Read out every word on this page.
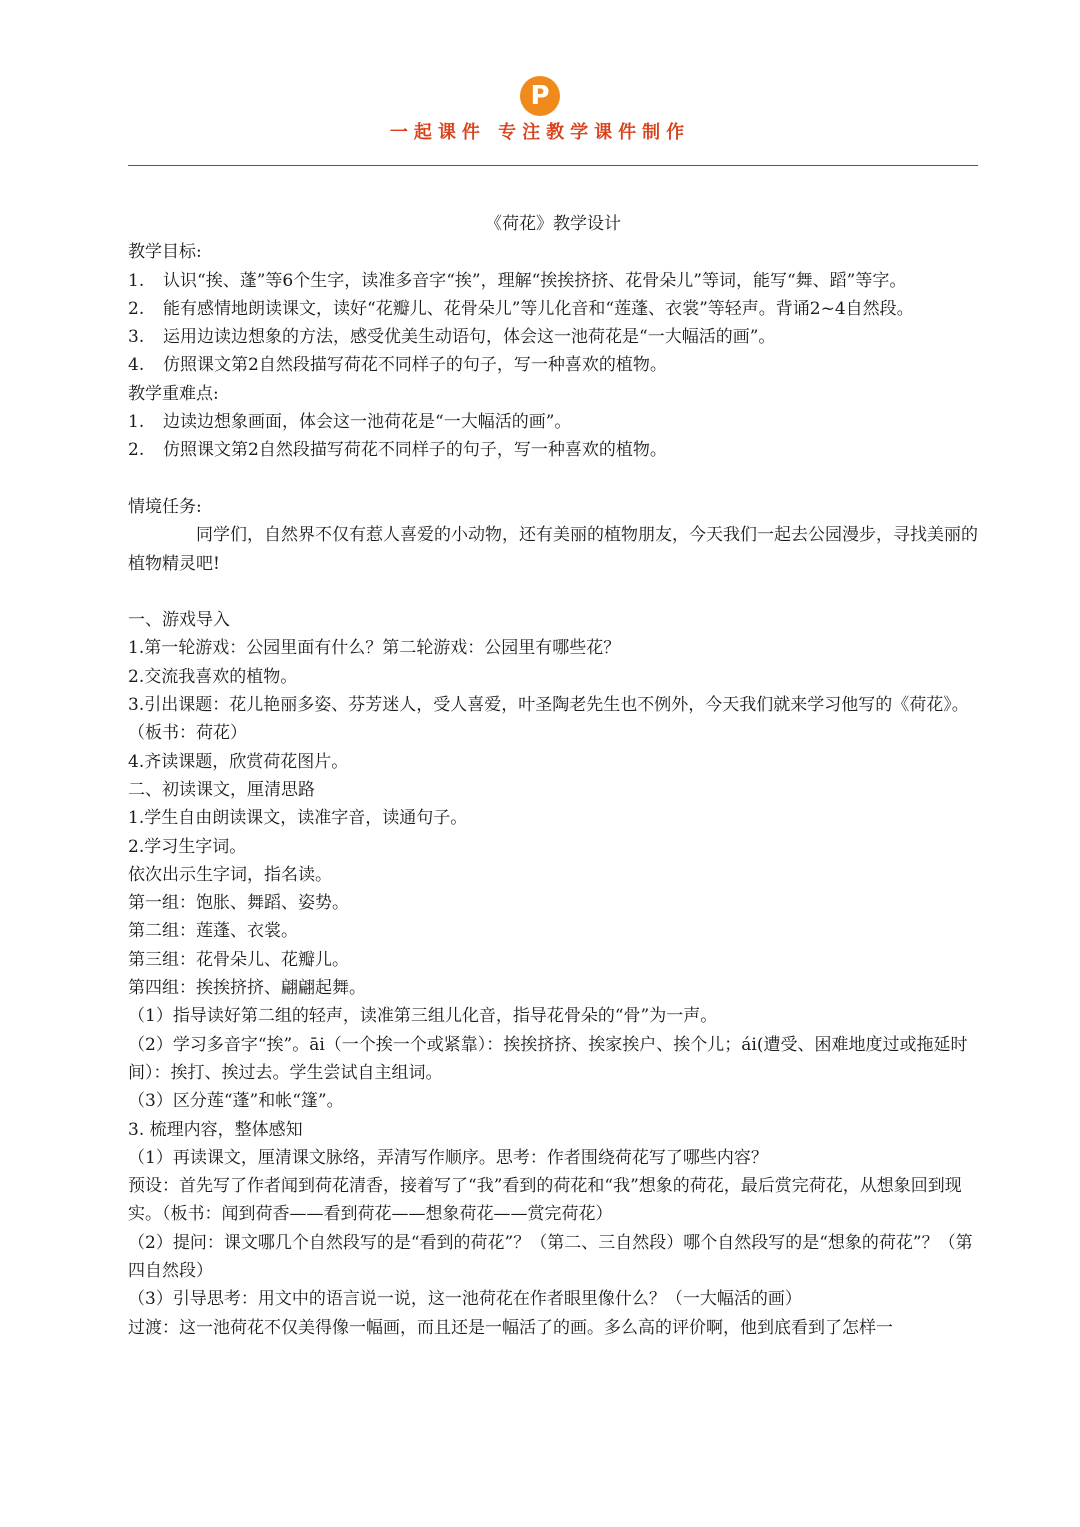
P
一起课件 专注教学课件制作
《荷花》教学设计

教学目标:

1.	认识“挨、蓬”等6个生字，读准多音字“挨”，理解“挨挨挤挤、花骨朵儿”等词，能写“舞、蹈”等字。
2.	能有感情地朗读课文，读好“花瓣儿、花骨朵儿”等儿化音和“莲蓬、衣裳”等轻声。背诵2~4自然段。
3.	运用边读边想象的方法，感受优美生动语句，体会这一池荷花是“一大幅活的画”。
4.	仿照课文第2自然段描写荷花不同样子的句子，写一种喜欢的植物。

教学重难点:

1.	边读边想象画面，体会这一池荷花是“一大幅活的画”。
2.	仿照课文第2自然段描写荷花不同样子的句子，写一种喜欢的植物。

情境任务:

同学们，自然界不仅有惹人喜爱的小动物，还有美丽的植物朋友，今天我们一起去公园漫步，寻找美丽的植物精灵吧!

一、游戏导入

1.第一轮游戏：公园里面有什么？第二轮游戏：公园里有哪些花？

2.交流我喜欢的植物。

3.引出课题：花儿艳丽多姿、芬芳迷人，受人喜爱，叶圣陶老先生也不例外，今天我们就来学习他写的《荷花》。（板书：荷花）

4.齐读课题，欣赏荷花图片。

二、初读课文，厘清思路

1.学生自由朗读课文，读准字音，读通句子。

2.学习生字词。

依次出示生字词，指名读。

第一组：饱胀、舞蹈、姿势。

第二组：莲蓬、衣裳。

第三组：花骨朵儿、花瓣儿。

第四组：挨挨挤挤、翩翩起舞。

（1）指导读好第二组的轻声，读准第三组儿化音，指导花骨朵的“骨”为一声。

（2）学习多音字“挨”。āi（一个挨一个或紧靠）：挨挨挤挤、挨家挨户、挨个儿；ái(遭受、困难地度过或拖延时间）：挨打、挨过去。学生尝试自主组词。

（3）区分莲“蓬”和帐“篷”。

3. 梳理内容，整体感知

（1）再读课文，厘清课文脉络，弄清写作顺序。思考：作者围绕荷花写了哪些内容？

预设：首先写了作者闻到荷花清香，接着写了“我”看到的荷花和“我”想象的荷花，最后赏完荷花，从想象回到现实。（板书：闻到荷香——看到荷花——想象荷花——赏完荷花）

（2）提问：课文哪几个自然段写的是“看到的荷花”？（第二、三自然段）哪个自然段写的是“想象的荷花”？（第四自然段）

（3）引导思考：用文中的语言说一说，这一池荷花在作者眼里像什么？（一大幅活的画）

过渡：这一池荷花不仅美得像一幅画，而且还是一幅活了的画。多么高的评价啊，他到底看到了怎样一
